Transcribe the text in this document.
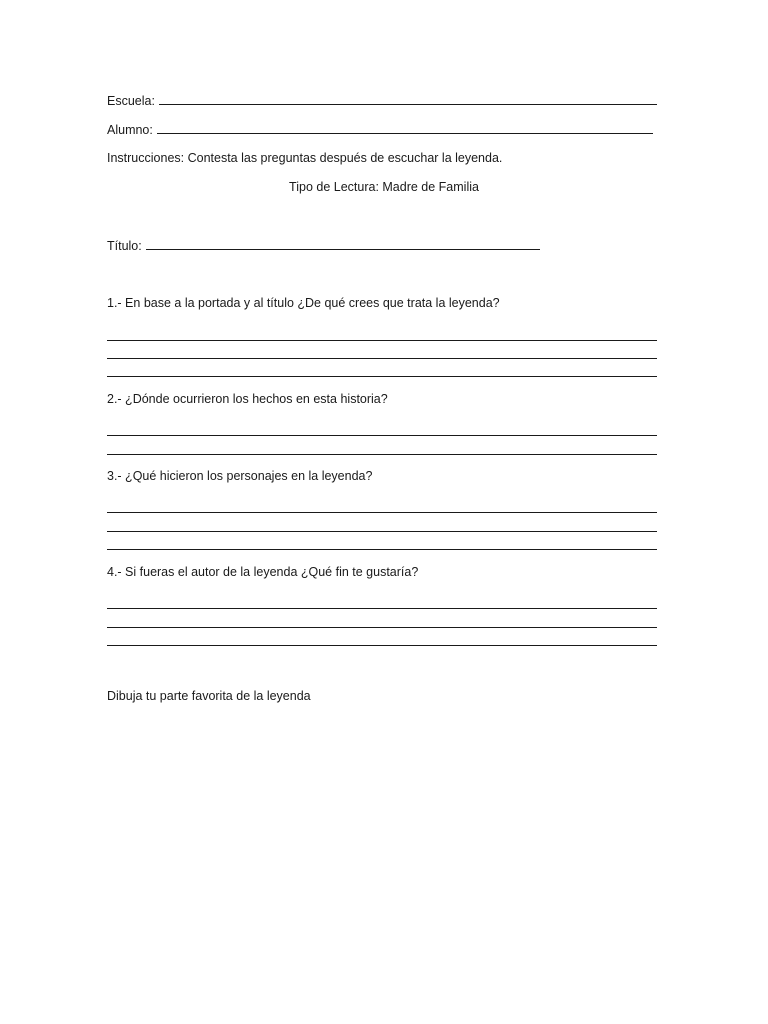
Escuela:
Alumno:
Instrucciones: Contesta las preguntas después de escuchar la leyenda.
Tipo de Lectura: Madre de Familia
Título:
1.- En base a la portada y al título ¿De qué crees que trata la leyenda?
2.- ¿Dónde ocurrieron los hechos en esta historia?
3.- ¿Qué hicieron los personajes en la leyenda?
4.- Si fueras el autor de la leyenda ¿Qué fin te gustaría?
Dibuja tu parte favorita de la leyenda
